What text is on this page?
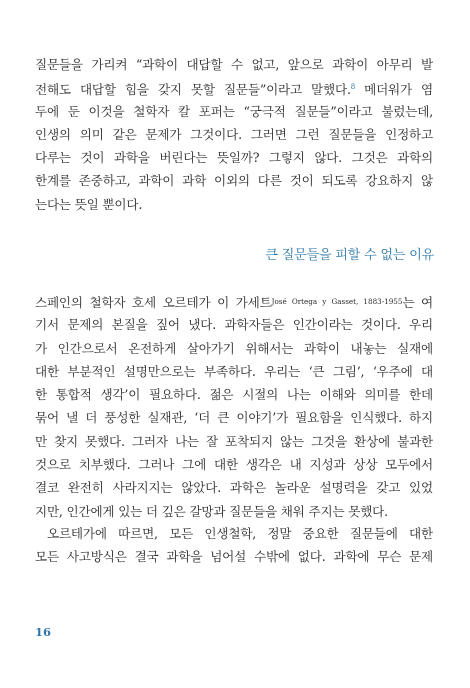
질문들을 가리켜 “과학이 대답할 수 없고, 앞으로 과학이 아무리 발
전해도 대답할 힘을 갖지 못할 질문들”이라고 말했다.$^8$ 메더워가 염
두에 둔 이것을 철학자 칼 포퍼는 “궁극적 질문들”이라고 불렀는데,
인생의 의미 같은 문제가 그것이다. 그러면 그런 질문들을 인정하고
다루는 것이 과학을 버린다는 뜻일까? 그렇지 않다. 그것은 과학의
한계를 존중하고, 과학이 과학 이외의 다른 것이 되도록 강요하지 않
는다는 뜻일 뿐이다.
큰 질문들을 피할 수 없는 이유
스페인의 철학자 호세 오르테가 이 가세트$^{José Ortega y Gasset, 1883-1955}$는 여
기서 문제의 본질을 짚어 냈다. 과학자들은 인간이라는 것이다. 우리
가 인간으로서 온전하게 살아가기 위해서는 과학이 내놓는 실재에
대한 부분적인 설명만으로는 부족하다. 우리는 ‘큰 그림’, ‘우주에 대
한 통합적 생각’이 필요하다. 젊은 시절의 나는 이해와 의미를 한데
묶어 낼 더 풍성한 실재관, ‘더 큰 이야기’가 필요함을 인식했다. 하지
만 찾지 못했다. 그러자 나는 잘 포착되지 않는 그것을 환상에 불과한
것으로 치부했다. 그러나 그에 대한 생각은 내 지성과 상상 모두에서
결코 완전히 사라지지는 않았다. 과학은 놀라운 설명력을 갖고 있었
지만, 인간에게 있는 더 깊은 갈망과 질문들을 채워 주지는 못했다.
오르테가에 따르면, 모든 인생철학, 정말 중요한 질문들에 대한
모든 사고방식은 결국 과학을 넘어설 수밖에 없다. 과학에 무슨 문제
16
